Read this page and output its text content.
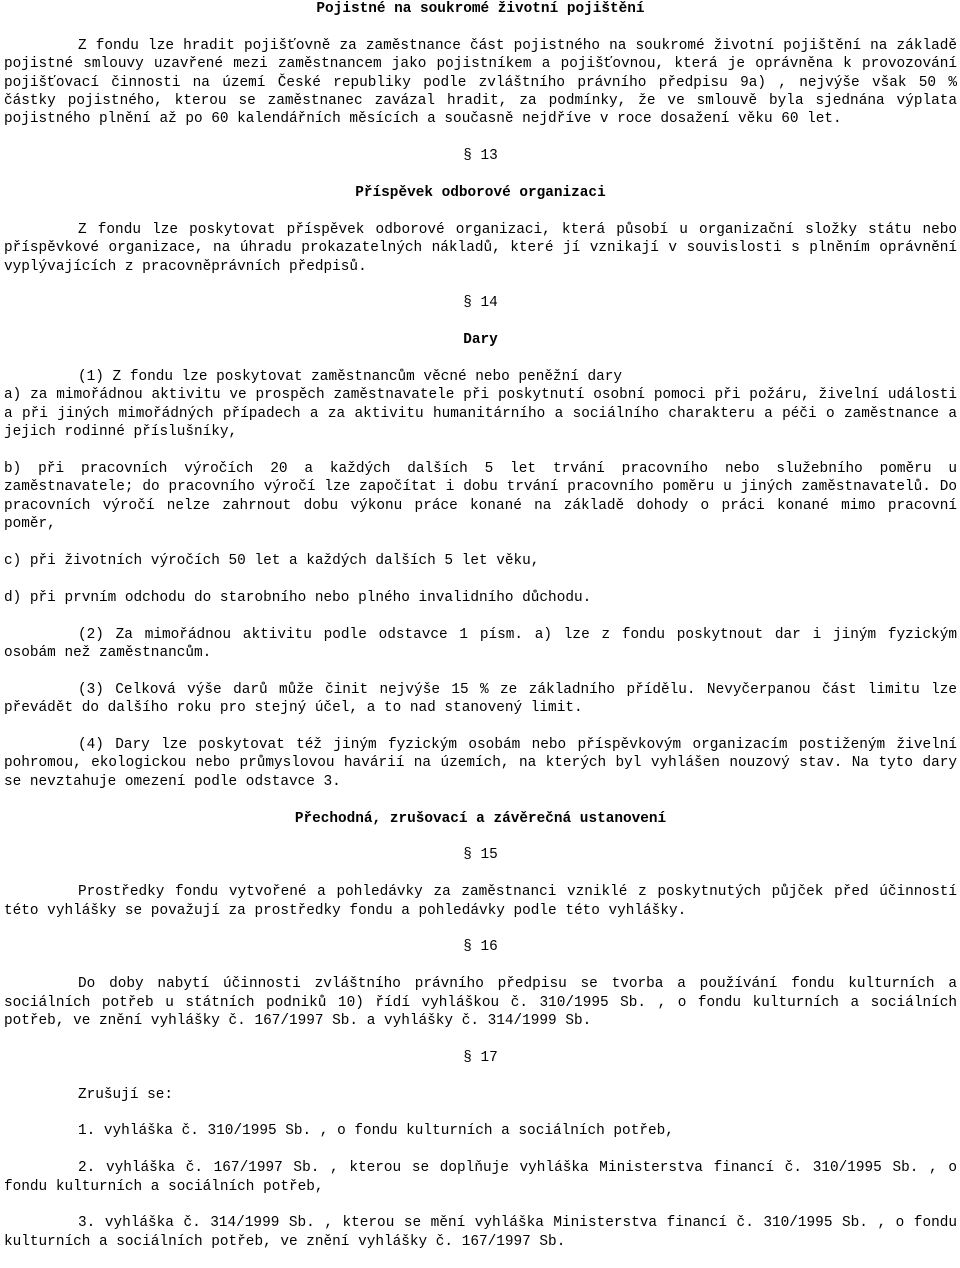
Pojistné na soukromé životní pojištění

Z fondu lze hradit pojišťovně za zaměstnance část pojistného na soukromé životní pojištění na základě pojistné smlouvy uzavřené mezi zaměstnancem jako pojistníkem a pojišťovnou, která je oprávněna k provozování pojišťovací činnosti na území České republiky podle zvláštního právního předpisu 9a) , nejvýše však 50 % částky pojistného, kterou se zaměstnanec zavázal hradit, za podmínky, že ve smlouvě byla sjednána výplata pojistného plnění až po 60 kalendářních měsících a současně nejdříve v roce dosažení věku 60 let.

§ 13

Příspěvek odborové organizaci

Z fondu lze poskytovat příspěvek odborové organizaci, která působí u organizační složky státu nebo příspěvkové organizace, na úhradu prokazatelných nákladů, které jí vznikají v souvislosti s plněním oprávnění vyplývajících z pracovněprávních předpisů.

§ 14

Dary

(1) Z fondu lze poskytovat zaměstnancům věcné nebo peněžní dary

a) za mimořádnou aktivitu ve prospěch zaměstnavatele při poskytnutí osobní pomoci při požáru, živelní události a při jiných mimořádných případech a za aktivitu humanitárního a sociálního charakteru a péči o zaměstnance a jejich rodinné příslušníky,

b) při pracovních výročích 20 a každých dalších 5 let trvání pracovního nebo služebního poměru u zaměstnavatele; do pracovního výročí lze započítat i dobu trvání pracovního poměru u jiných zaměstnavatelů. Do pracovních výročí nelze zahrnout dobu výkonu práce konané na základě dohody o práci konané mimo pracovní poměr,

c) při životních výročích 50 let a každých dalších 5 let věku,

d) při prvním odchodu do starobního nebo plného invalidního důchodu.

(2) Za mimořádnou aktivitu podle odstavce 1 písm. a) lze z fondu poskytnout dar i jiným fyzickým osobám než zaměstnancům.

(3) Celková výše darů může činit nejvýše 15 % ze základního přídělu. Nevyčerpanou část limitu lze převádět do dalšího roku pro stejný účel, a to nad stanovený limit.

(4) Dary lze poskytovat též jiným fyzickým osobám nebo příspěvkovým organizacím postiženým živelní pohromou, ekologickou nebo průmyslovou havárií na územích, na kterých byl vyhlášen nouzový stav. Na tyto dary se nevztahuje omezení podle odstavce 3.

Přechodná, zrušovací a závěrečná ustanovení

§ 15

Prostředky fondu vytvořené a pohledávky za zaměstnanci vzniklé z poskytnutých půjček před účinností této vyhlášky se považují za prostředky fondu a pohledávky podle této vyhlášky.

§ 16

Do doby nabytí účinnosti zvláštního právního předpisu se tvorba a používání fondu kulturních a sociálních potřeb u státních podniků 10) řídí vyhláškou č. 310/1995 Sb. , o fondu kulturních a sociálních potřeb, ve znění vyhlášky č. 167/1997 Sb. a vyhlášky č. 314/1999 Sb.

§ 17

Zrušují se:

1. vyhláška č. 310/1995 Sb. , o fondu kulturních a sociálních potřeb,

2. vyhláška č. 167/1997 Sb. , kterou se doplňuje vyhláška Ministerstva financí č. 310/1995 Sb. , o fondu kulturních a sociálních potřeb,

3. vyhláška č. 314/1999 Sb. , kterou se mění vyhláška Ministerstva financí č. 310/1995 Sb. , o fondu kulturních a sociálních potřeb, ve znění vyhlášky č. 167/1997 Sb.
